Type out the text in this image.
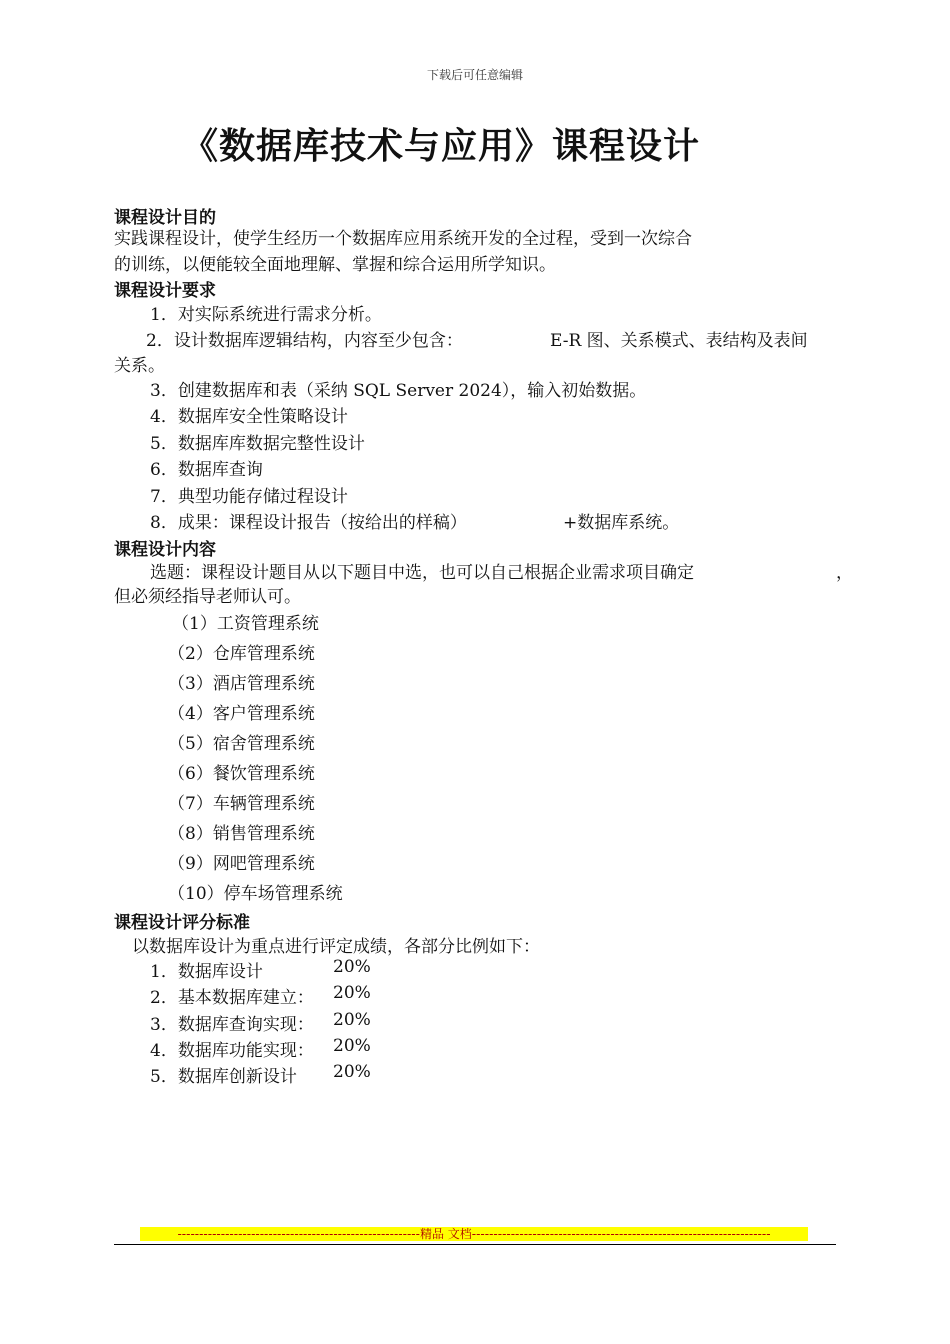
下载后可任意编辑
《数据库技术与应用》课程设计
课程设计目的
实践课程设计，使学生经历一个数据库应用系统开发的全过程，受到一次综合
的训练，以便能较全面地理解、掌握和综合运用所学知识。
课程设计要求
1．对实际系统进行需求分析。
2．设计数据库逻辑结构，内容至少包含：	E-R 图、关系模式、表结构及表间
关系。
3．创建数据库和表（采纳 SQL Server 2024），输入初始数据。
4．数据库安全性策略设计
5．数据库库数据完整性设计
6．数据库查询
7．典型功能存储过程设计
8．成果：课程设计报告（按给出的样稿）	+数据库系统。
课程设计内容
选题：课程设计题目从以下题目中选，也可以自己根据企业需求项目确定	，
但必须经指导老师认可。
（1）工资管理系统
（2）仓库管理系统
（3）酒店管理系统
（4）客户管理系统
（5）宿舍管理系统
（6）餐饮管理系统
（7）车辆管理系统
（8）销售管理系统
（9）网吧管理系统
（10）停车场管理系统
课程设计评分标准
以数据库设计为重点进行评定成绩，各部分比例如下：
1．数据库设计	20%
2．基本数据库建立： 20%
3．数据库查询实现： 20%
4．数据库功能实现： 20%
5．数据库创新设计 20%
--------------------------------------------------------精品 文档---------------------------------------------------------------------
